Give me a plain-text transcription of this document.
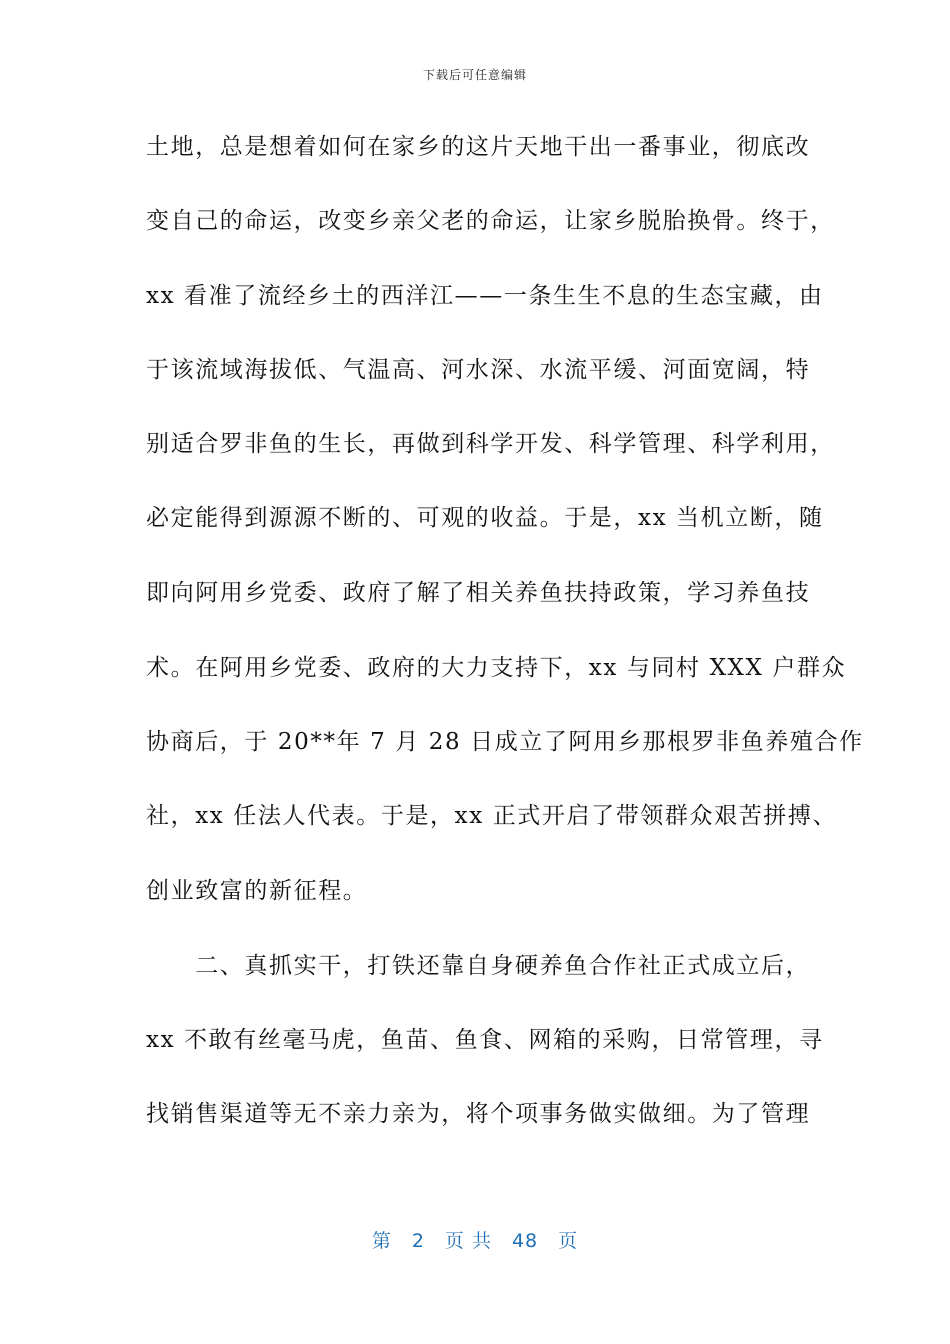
下载后可任意编辑
土地，总是想着如何在家乡的这片天地干出一番事业，彻底改
变自己的命运，改变乡亲父老的命运，让家乡脱胎换骨。终于，
xx 看准了流经乡土的西洋江——一条生生不息的生态宝藏，由
于该流域海拔低、气温高、河水深、水流平缓、河面宽阔，特
别适合罗非鱼的生长，再做到科学开发、科学管理、科学利用，
必定能得到源源不断的、可观的收益。于是，xx 当机立断，随
即向阿用乡党委、政府了解了相关养鱼扶持政策，学习养鱼技
术。在阿用乡党委、政府的大力支持下，xx 与同村 XXX 户群众
协商后，于 20**年 7 月 28 日成立了阿用乡那根罗非鱼养殖合作
社，xx 任法人代表。于是，xx 正式开启了带领群众艰苦拼搏、
创业致富的新征程。
　　二、真抓实干，打铁还靠自身硬养鱼合作社正式成立后，
xx 不敢有丝毫马虎，鱼苗、鱼食、网箱的采购，日常管理，寻
找销售渠道等无不亲力亲为，将个项事务做实做细。为了管理
第　2　页 共　48　页
